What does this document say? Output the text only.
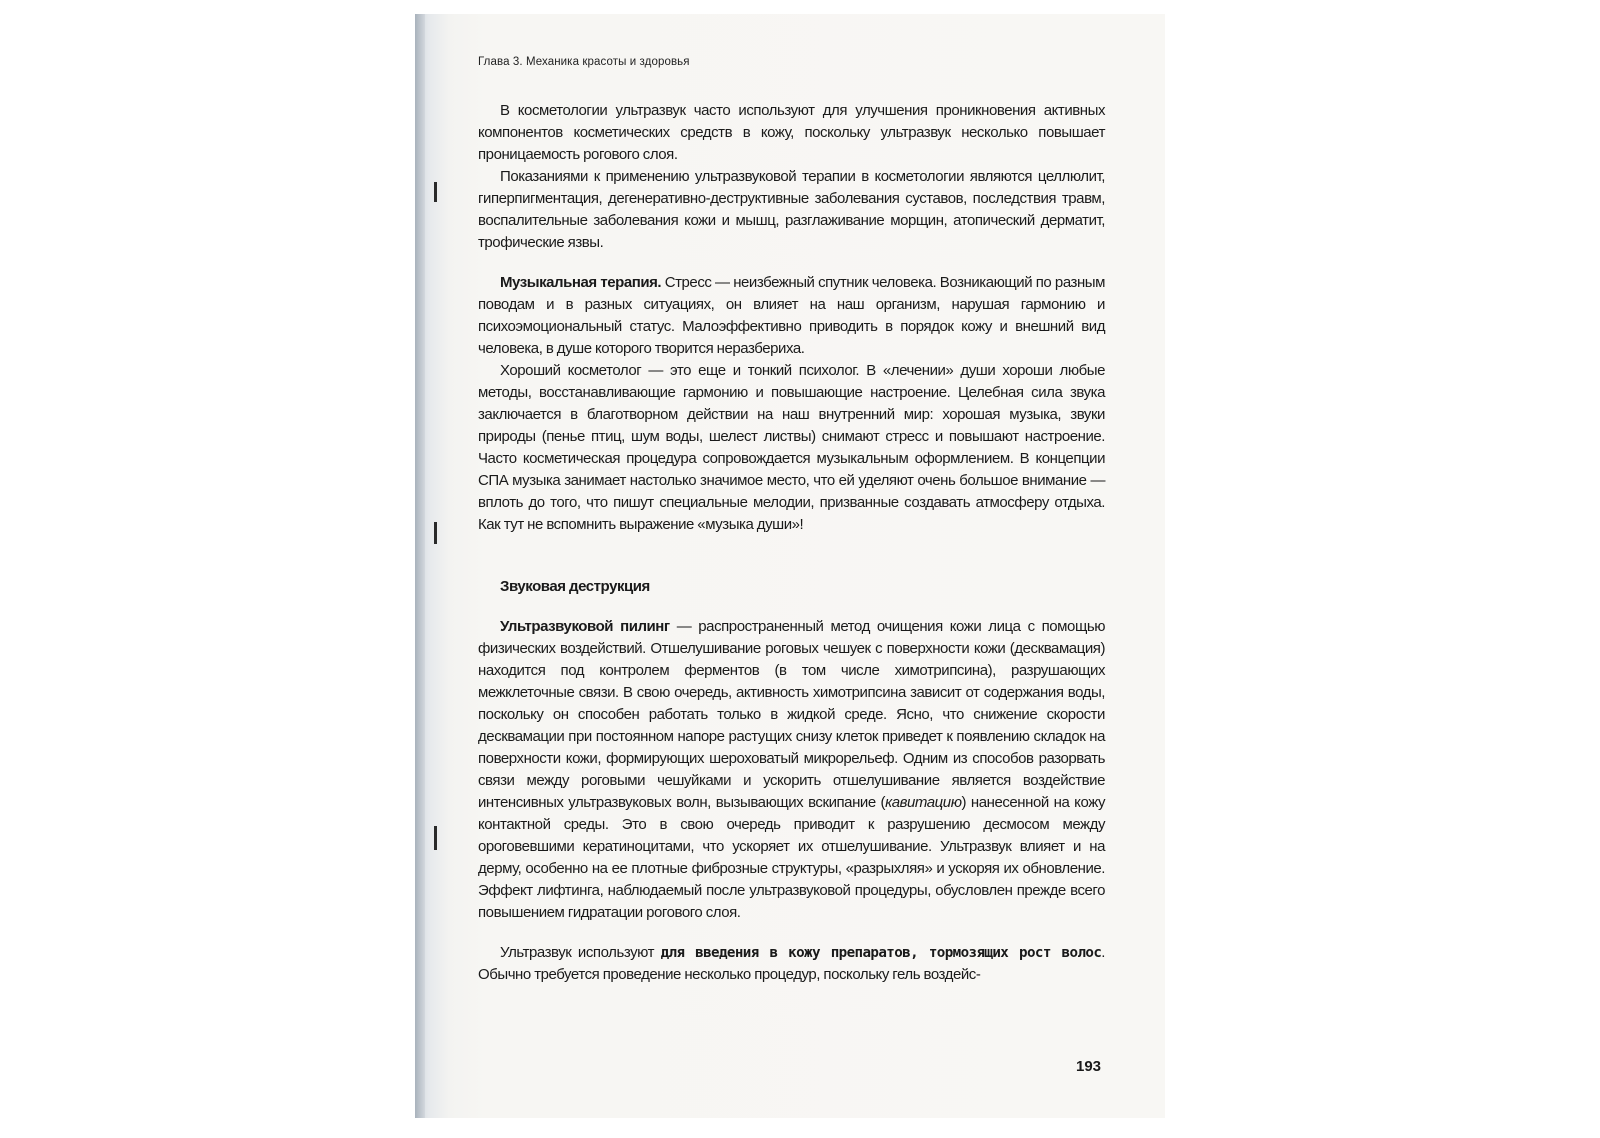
Глава 3. Механика красоты и здоровья

В косметологии ультразвук часто используют для улучшения проникновения активных компонентов косметических средств в кожу, поскольку ультразвук несколько повышает проницаемость рогового слоя.

Показаниями к применению ультразвуковой терапии в косметологии являются целлюлит, гиперпигментация, дегенеративно-деструктивные заболевания суставов, последствия травм, воспалительные заболевания кожи и мышц, разглаживание морщин, атопический дерматит, трофические язвы.

Музыкальная терапия. Стресс — неизбежный спутник человека. Возникающий по разным поводам и в разных ситуациях, он влияет на наш организм, нарушая гармонию и психоэмоциональный статус. Малоэффективно приводить в порядок кожу и внешний вид человека, в душе которого творится неразбериха.

Хороший косметолог — это еще и тонкий психолог. В «лечении» души хороши любые методы, восстанавливающие гармонию и повышающие настроение. Целебная сила звука заключается в благотворном действии на наш внутренний мир: хорошая музыка, звуки природы (пенье птиц, шум воды, шелест листвы) снимают стресс и повышают настроение. Часто косметическая процедура сопровождается музыкальным оформлением. В концепции СПА музыка занимает настолько значимое место, что ей уделяют очень большое внимание — вплоть до того, что пишут специальные мелодии, призванные создавать атмосферу отдыха. Как тут не вспомнить выражение «музыка души»!

Звуковая деструкция

Ультразвуковой пилинг — распространенный метод очищения кожи лица с помощью физических воздействий. Отшелушивание роговых чешуек с поверхности кожи (десквамация) находится под контролем ферментов (в том числе химотрипсина), разрушающих межклеточные связи. В свою очередь, активность химотрипсина зависит от содержания воды, поскольку он способен работать только в жидкой среде. Ясно, что снижение скорости десквамации при постоянном напоре растущих снизу клеток приведет к появлению складок на поверхности кожи, формирующих шероховатый микрорельеф. Одним из способов разорвать связи между роговыми чешуйками и ускорить отшелушивание является воздействие интенсивных ультразвуковых волн, вызывающих вскипание (кавитацию) нанесенной на кожу контактной среды. Это в свою очередь приводит к разрушению десмосом между ороговевшими кератиноцитами, что ускоряет их отшелушивание. Ультразвук влияет и на дерму, особенно на ее плотные фиброзные структуры, «разрыхляя» и ускоряя их обновление. Эффект лифтинга, наблюдаемый после ультразвуковой процедуры, обусловлен прежде всего повышением гидратации рогового слоя.

Ультразвук используют для введения в кожу препаратов, тормозящих рост волос. Обычно требуется проведение несколько процедур, поскольку гель воздейс-

193
